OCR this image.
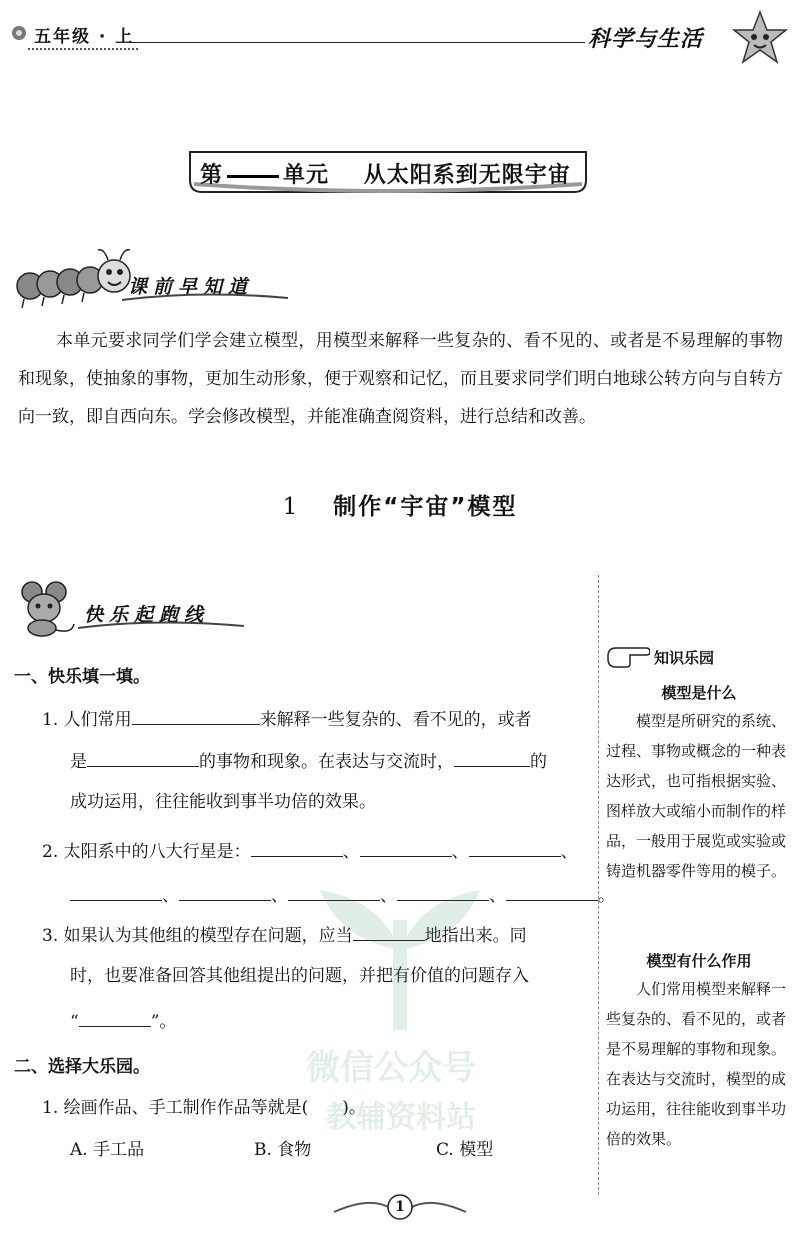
五年级 · 上	科学与生活
第	单元 从太阳系到无限宇宙
课前早知道

本单元要求同学们学会建立模型，用模型来解释一些复杂的、看不见的、或者是不易理解的事物和现象，使抽象的事物，更加生动形象，便于观察和记忆，而且要求同学们明白地球公转方向与自转方向一致，即自西向东。学会修改模型，并能准确查阅资料，进行总结和改善。

1 制作“宇宙”模型
快乐起跑线
一、快乐填一填。
1. 人们常用	来解释一些复杂的、看不见的，或者
是	的事物和现象。在表达与交流时，	的
成功运用，往往能收到事半功倍的效果。
2. 太阳系中的八大行星是：	、	、	、
、	、	、	、	。
3. 如果认为其他组的模型存在问题，应当	地指出来。同
时，也要准备回答其他组提出的问题，并把有价值的问题存入
“	”。
二、选择大乐园。
1. 绘画作品、手工制作作品等就是(　　)。
A. 手工品	B. 食物	C. 模型
微信公众号
教辅资料站
知识乐园
模型是什么

模型是所研究的系统、过程、事物或概念的一种表达形式，也可指根据实验、图样放大或缩小而制作的样品，一般用于展览或实验或铸造机器零件等用的模子。

模型有什么作用

人们常用模型来解释一些复杂的、看不见的，或者是不易理解的事物和现象。在表达与交流时，模型的成功运用，往往能收到事半功倍的效果。

1
